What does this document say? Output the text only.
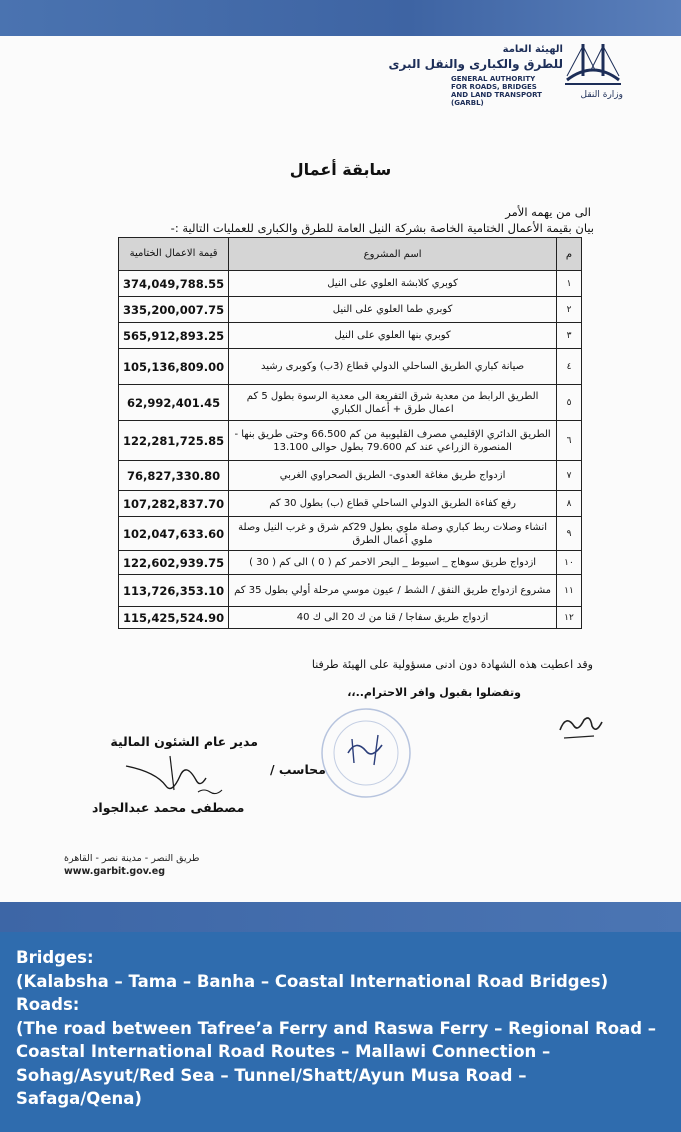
الهيئة العامة
للطرق والكبارى والنقل البرى
GENERAL AUTHORITY
FOR ROADS, BRIDGES
AND LAND TRANSPORT (GARBL)
وزارة النقل
سابقة أعمال
الى من يهمه الأمر
بيان بقيمة الأعمال الختامية الخاصة بشركة النيل العامة للطرق والكبارى للعمليات التالية :-
م	اسم المشروع	قيمة الاعمال الختامية
١	كوبري كلابشة العلوي على النيل	374,049,788.55
٢	كوبري طما العلوي على النيل	335,200,007.75
٣	كوبري بنها العلوي على النيل	565,912,893.25
٤	صيانة كباري الطريق الساحلي الدولي قطاع (3ب) وكوبرى رشيد	105,136,809.00
٥	الطريق الرابط من معدية شرق التفريعة الى معدية الرسوة بطول 5 كم اعمال طرق + أعمال الكباري	62,992,401.45
٦	الطريق الدائري الإقليمي مصرف القليوبية من كم 66.500 وحتى طريق بنها - المنصورة الزراعي عند كم 79.600 بطول حوالى 13.100	122,281,725.85
٧	ازدواج طريق مغاغة العدوى- الطريق الصحراوي الغربي	76,827,330.80
٨	رفع كفاءة الطريق الدولي الساحلي قطاع (ب) بطول 30 كم	107,282,837.70
٩	انشاء وصلات ربط كباري وصلة ملوي بطول 29كم شرق و غرب النيل وصلة ملوي أعمال الطرق	102,047,633.60
١٠	ازدواج طريق سوهاج _ اسيوط _ البحر الاحمر كم ( 0 ) الى كم ( 30 )	122,602,939.75
١١	مشروع ازدواج طريق النفق / الشط / عيون موسي مرحلة أولي بطول 35 كم	113,726,353.10
١٢	ازدواج طريق سفاجا / قنا من ك 20 الى ك 40	115,425,524.90
وقد اعطيت هذه الشهادة دون ادنى مسؤولية على الهيئة طرفنا
وتفضلوا بقبول وافر الاحترام..،،
مدير عام الشئون المالية
مصطفى محمد عبدالجواد
محاسب /
طريق النصر - مدينة نصر - القاهرة
www.garbit.gov.eg
Bridges:
(Kalabsha – Tama – Banha – Coastal International Road Bridges)
Roads:
(The road between Tafree’a Ferry and Raswa Ferry – Regional Road –
Coastal International Road Routes – Mallawi Connection –
Sohag/Asyut/Red Sea – Tunnel/Shatt/Ayun Musa Road –
Safaga/Qena)
